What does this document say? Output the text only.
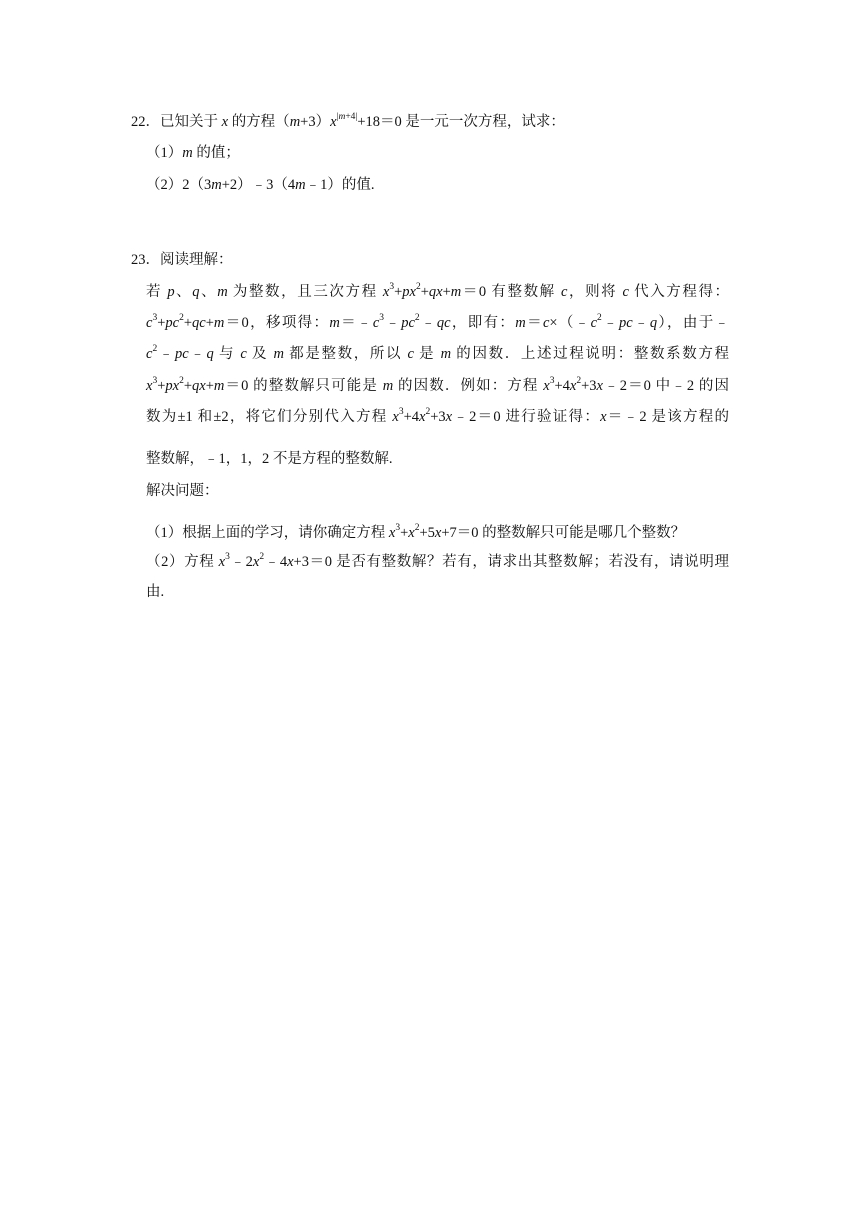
22．已知关于 x 的方程$(m+3)x^{|m+4|}+18=0$ 是一元一次方程，试求：
（1）m 的值；
（2）2（3m+2）﹣3（4m﹣1）的值.
23．阅读理解：
若 p、q、m 为整数，且三次方程 $x^3+px^2+qx+m=0$ 有整数解 c，则将 c 代入方程得：
$c^3+pc^2+qc+m=0$，移项得：$m=﹣c^3﹣pc^2﹣qc$，即有：$m=c\times(﹣c^2﹣pc﹣q)$，由于﹣
$c^2﹣pc﹣q$ 与 c 及 m 都是整数，所以 c 是 m 的因数．上述过程说明：整数系数方程
$x^3+px^2+qx+m=0$ 的整数解只可能是 m 的因数．例如：方程 $x^3+4x^2+3x﹣2=0$ 中﹣2 的因
数为±1 和±2，将它们分别代入方程 $x^3+4x^2+3x﹣2=0$ 进行验证得：x＝﹣2 是该方程的
整数解，﹣1，1，2 不是方程的整数解.
解决问题：
（1）根据上面的学习，请你确定方程 $x^3+x^2+5x+7=0$ 的整数解只可能是哪几个整数？
（2）方程 $x^3﹣2x^2﹣4x+3=0$ 是否有整数解？若有，请求出其整数解；若没有，请说明理
由.
